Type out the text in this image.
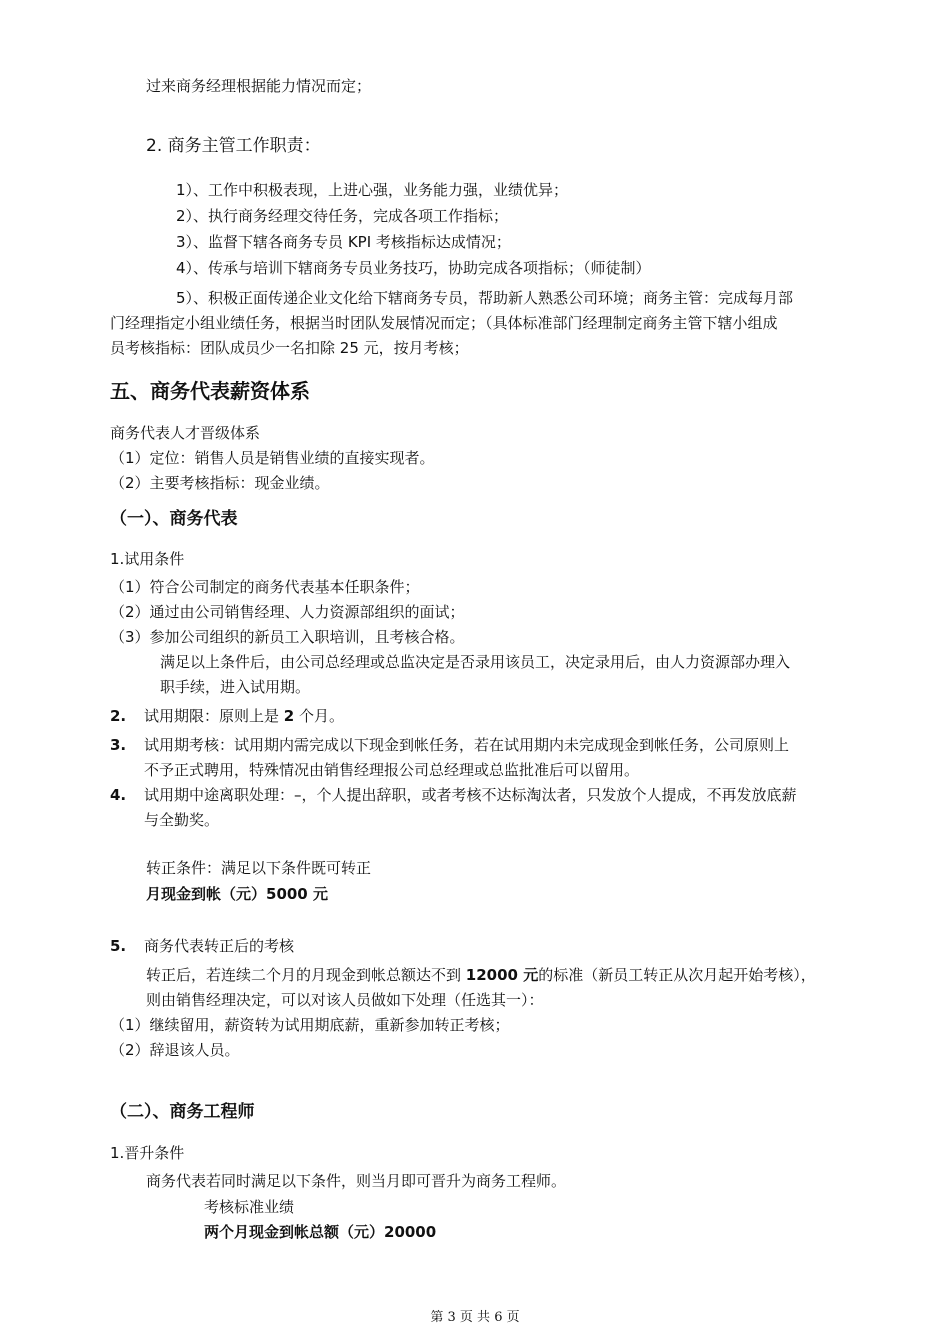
过来商务经理根据能力情况而定；
2. 商务主管工作职责：
1）、工作中积极表现，上进心强，业务能力强，业绩优异；
2）、执行商务经理交待任务，完成各项工作指标；
3）、监督下辖各商务专员 KPI 考核指标达成情况；
4）、传承与培训下辖商务专员业务技巧，协助完成各项指标；（师徒制）
5）、积极正面传递企业文化给下辖商务专员，帮助新人熟悉公司环境；商务主管：完成每月部
门经理指定小组业绩任务，根据当时团队发展情况而定；（具体标准部门经理制定商务主管下辖小组成
员考核指标：团队成员少一名扣除 25 元，按月考核；
五、商务代表薪资体系
商务代表人才晋级体系
（1）定位：销售人员是销售业绩的直接实现者。
（2）主要考核指标：现金业绩。
（一）、商务代表
1.试用条件
（1）符合公司制定的商务代表基本任职条件；
（2）通过由公司销售经理、人力资源部组织的面试；
（3）参加公司组织的新员工入职培训，且考核合格。
满足以上条件后，由公司总经理或总监决定是否录用该员工，决定录用后，由人力资源部办理入
职手续，进入试用期。
2. 试用期限：原则上是 2 个月。
3. 试用期考核：试用期内需完成以下现金到帐任务，若在试用期内未完成现金到帐任务，公司原则上
不予正式聘用，特殊情况由销售经理报公司总经理或总监批准后可以留用。
4. 试用期中途离职处理：–，个人提出辞职，或者考核不达标淘汰者，只发放个人提成，不再发放底薪
与全勤奖。
转正条件：满足以下条件既可转正
月现金到帐（元）5000 元
5. 商务代表转正后的考核
转正后，若连续二个月的月现金到帐总额达不到 12000 元的标准（新员工转正从次月起开始考核），
则由销售经理决定，可以对该人员做如下处理（任选其一）：
（1）继续留用，薪资转为试用期底薪，重新参加转正考核；
（2）辞退该人员。
（二）、商务工程师
1.晋升条件
商务代表若同时满足以下条件，则当月即可晋升为商务工程师。
考核标准业绩
两个月现金到帐总额（元）20000
第 3 页 共 6 页
